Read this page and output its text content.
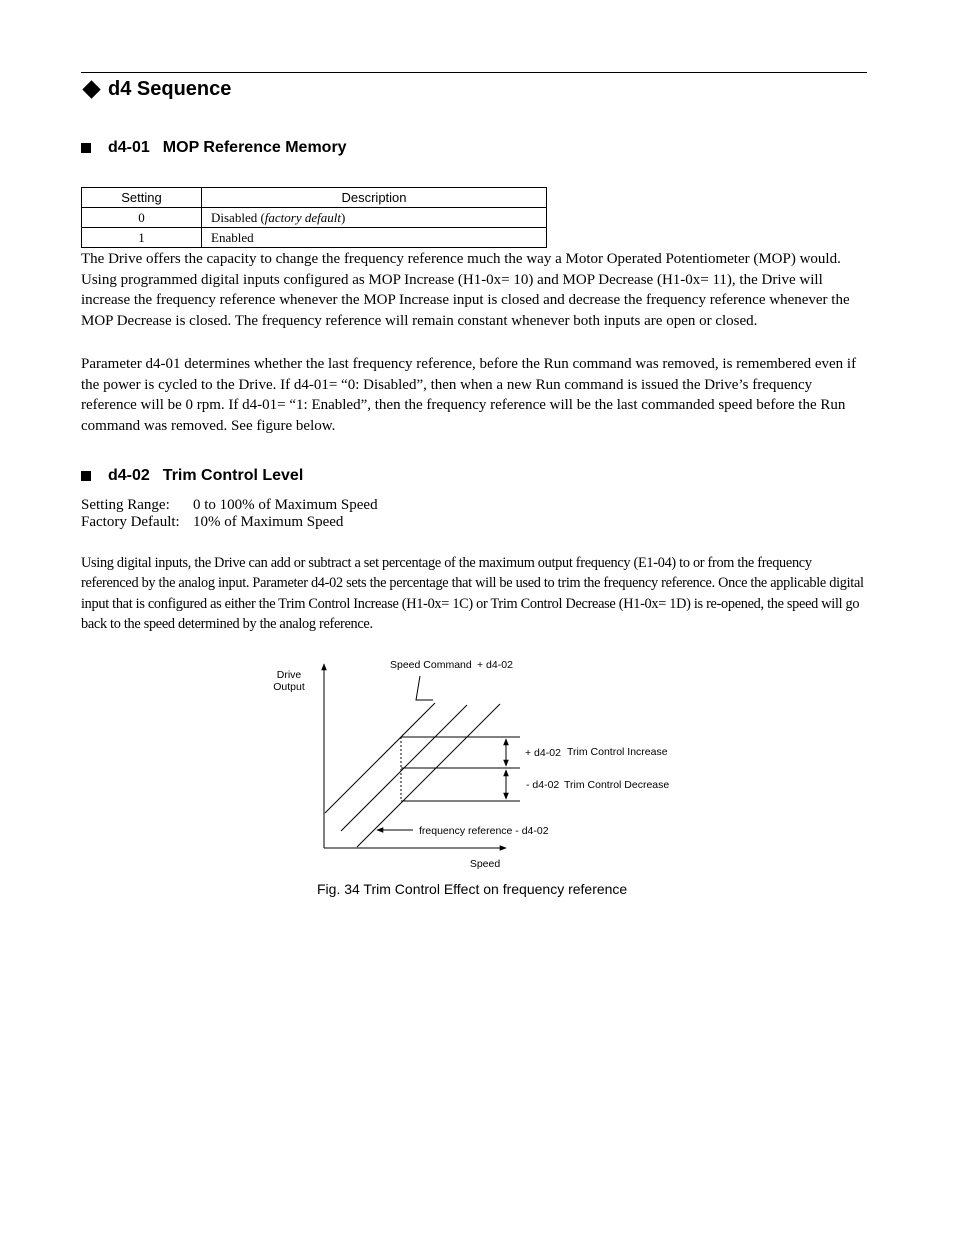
d4 Sequence
d4-01 MOP Reference Memory
Setting	Description
0	Disabled (factory default)
1	Enabled

The Drive offers the capacity to change the frequency reference much the way a Motor Operated Potentiometer (MOP) would. Using programmed digital inputs configured as MOP Increase (H1-0x= 10) and MOP Decrease (H1-0x= 11), the Drive will increase the frequency reference whenever the MOP Increase input is closed and decrease the frequency reference whenever the MOP Decrease is closed. The frequency reference will remain constant whenever both inputs are open or closed.

Parameter d4-01 determines whether the last frequency reference, before the Run command was removed, is remembered even if the power is cycled to the Drive. If d4-01= “0: Disabled”, then when a new Run command is issued the Drive’s frequency reference will be 0 rpm. If d4-01= “1: Enabled”, then the frequency reference will be the last commanded speed before the Run command was removed. See figure below.

d4-02 Trim Control Level
Setting Range: 0 to 100% of Maximum Speed
Factory Default: 10% of Maximum Speed

Using digital inputs, the Drive can add or subtract a set percentage of the maximum output frequency (E1-04) to or from the frequency referenced by the analog input. Parameter d4-02 sets the percentage that will be used to trim the frequency reference. Once the applicable digital input that is configured as either the Trim Control Increase (H1-0x= 1C) or Trim Control Decrease (H1-0x= 1D) is re-opened, the speed will go back to the speed determined by the analog reference.

Drive
Output
Speed
Speed Command + d4-02
+ d4-02 Trim Control Increase
- d4-02 Trim Control Decrease
frequency reference - d4-02
Fig. 34 Trim Control Effect on frequency reference
